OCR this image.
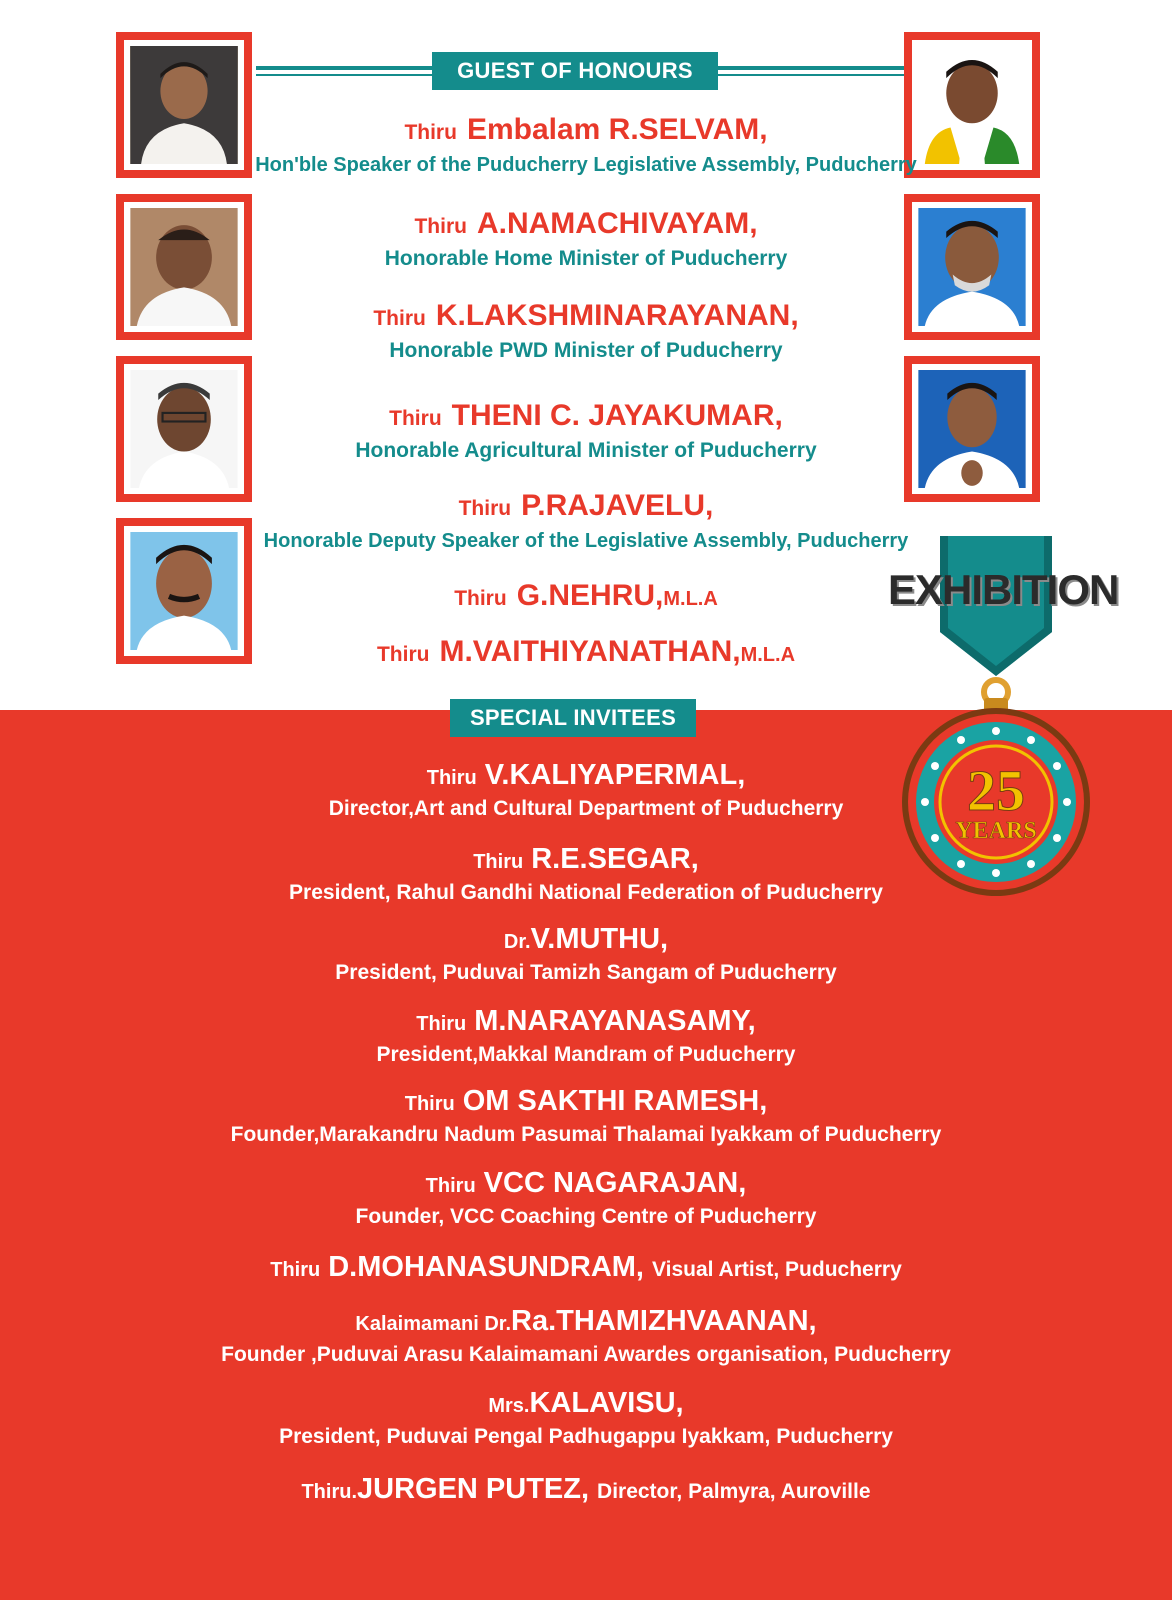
GUEST OF HONOURS
Thiru Embalam R.SELVAM,
Hon'ble Speaker of the Puducherry Legislative Assembly, Puducherry
Thiru A.NAMACHIVAYAM,
Honorable Home Minister of Puducherry
Thiru K.LAKSHMINARAYANAN,
Honorable PWD Minister of Puducherry
Thiru THENI C. JAYAKUMAR,
Honorable Agricultural Minister of Puducherry
Thiru P.RAJAVELU,
Honorable Deputy Speaker of the Legislative Assembly, Puducherry
Thiru G.NEHRU,M.L.A
Thiru M.VAITHIYANATHAN,M.L.A
SPECIAL INVITEES
Thiru V.KALIYAPERMAL,
Director,Art and Cultural Department of Puducherry
Thiru R.E.SEGAR,
President, Rahul Gandhi National Federation of Puducherry
Dr.V.MUTHU,
President, Puduvai Tamizh Sangam of Puducherry
Thiru M.NARAYANASAMY,
President,Makkal Mandram of Puducherry
Thiru OM SAKTHI RAMESH,
Founder,Marakandru Nadum Pasumai Thalamai Iyakkam of Puducherry
Thiru VCC NAGARAJAN,
Founder, VCC Coaching Centre of Puducherry
Thiru D.MOHANASUNDRAM, Visual Artist, Puducherry
Kalaimamani Dr.Ra.THAMIZHVAANAN,
Founder ,Puduvai Arasu Kalaimamani Awardes organisation, Puducherry
Mrs.KALAVISU,
President, Puduvai Pengal Padhugappu Iyakkam, Puducherry
Thiru.JURGEN PUTEZ, Director, Palmyra, Auroville
EXHIBITION
25
YEARS
